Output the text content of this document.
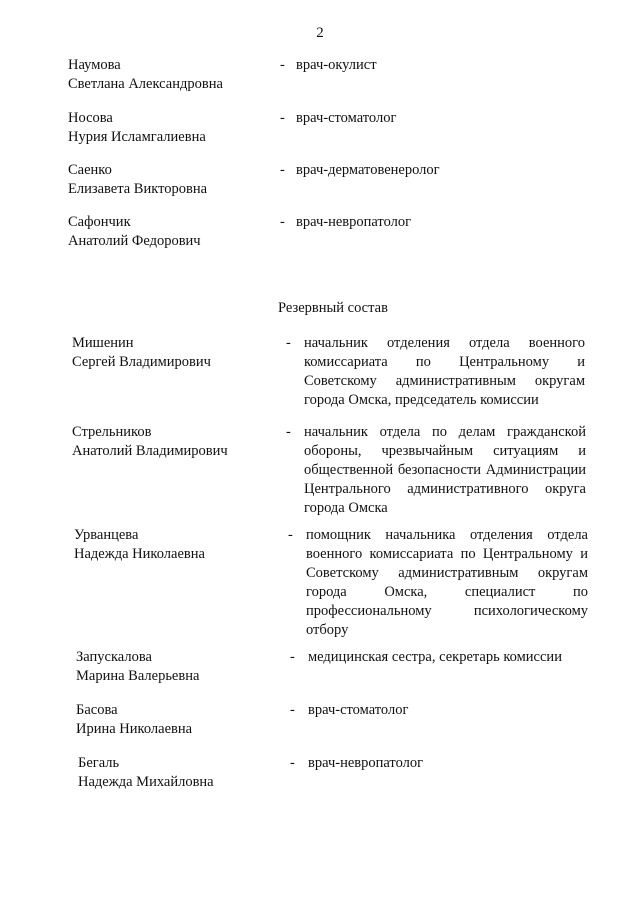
2
Наумова
Светлана Александровна
- врач-окулист
Носова
Нурия Исламгалиевна
- врач-стоматолог
Саенко
Елизавета Викторовна
- врач-дерматовенеролог
Сафончик
Анатолий Федорович
- врач-невропатолог
Резервный состав
Мишенин
Сергей Владимирович
- начальник отделения отдела военного комиссариата по Центральному и Советскому административным округам города Омска, председатель комиссии
Стрельников
Анатолий Владимирович
- начальник отдела по делам гражданской обороны, чрезвычайным ситуациям и общественной безопасности Администрации Центрального административного округа города Омска
Урванцева
Надежда Николаевна
- помощник начальника отделения отдела военного комиссариата по Центральному и Советскому административным округам города Омска, специалист по профессиональному психологическому отбору
Запускалова
Марина Валерьевна
- медицинская сестра, секретарь комиссии
Басова
Ирина Николаевна
- врач-стоматолог
Бегаль
Надежда Михайловна
- врач-невропатолог
